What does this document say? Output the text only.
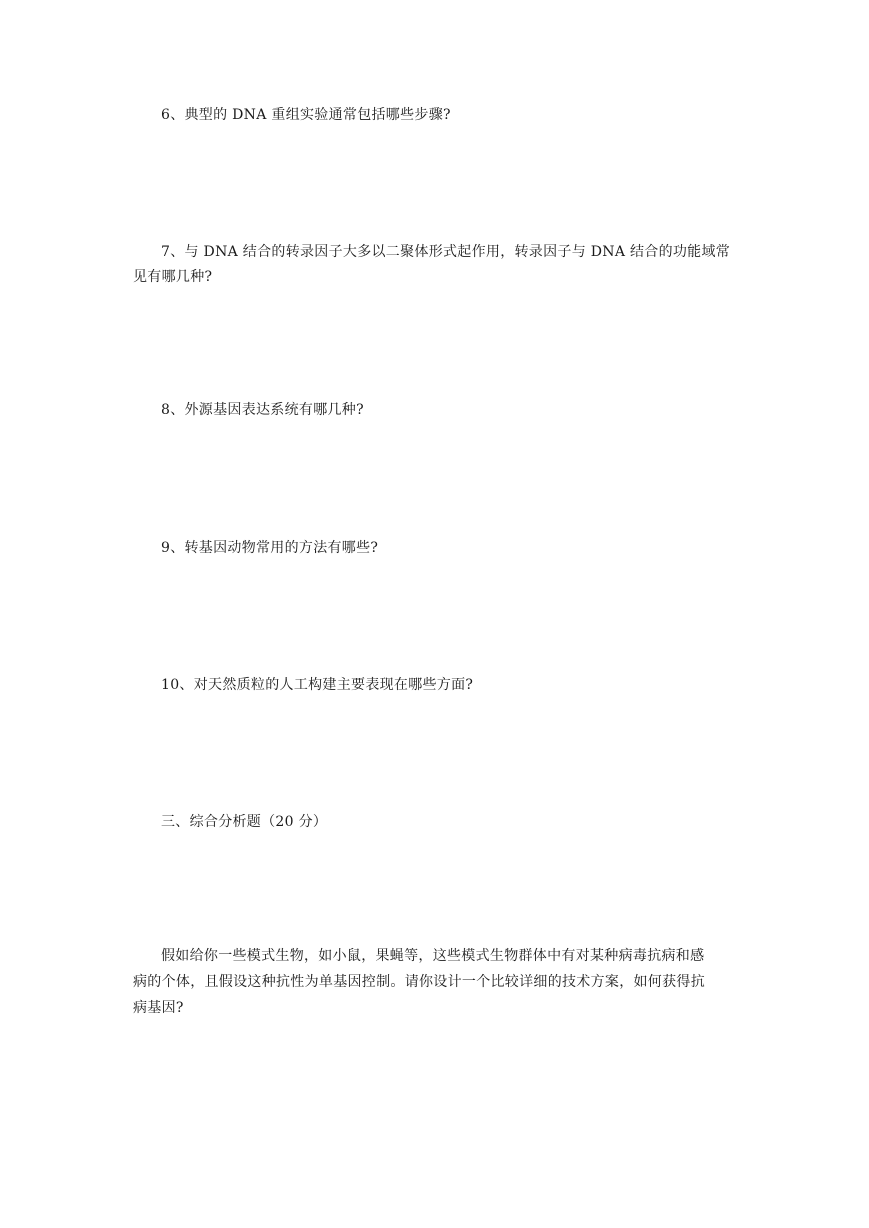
6、典型的 DNA 重组实验通常包括哪些步骤?
7、与 DNA 结合的转录因子大多以二聚体形式起作用，转录因子与 DNA 结合的功能域常
见有哪几种?
8、外源基因表达系统有哪几种?
9、转基因动物常用的方法有哪些?
10、对天然质粒的人工构建主要表现在哪些方面?
三、综合分析题（20 分）
假如给你一些模式生物，如小鼠，果蝇等，这些模式生物群体中有对某种病毒抗病和感
病的个体，且假设这种抗性为单基因控制。请你设计一个比较详细的技术方案，如何获得抗
病基因?
